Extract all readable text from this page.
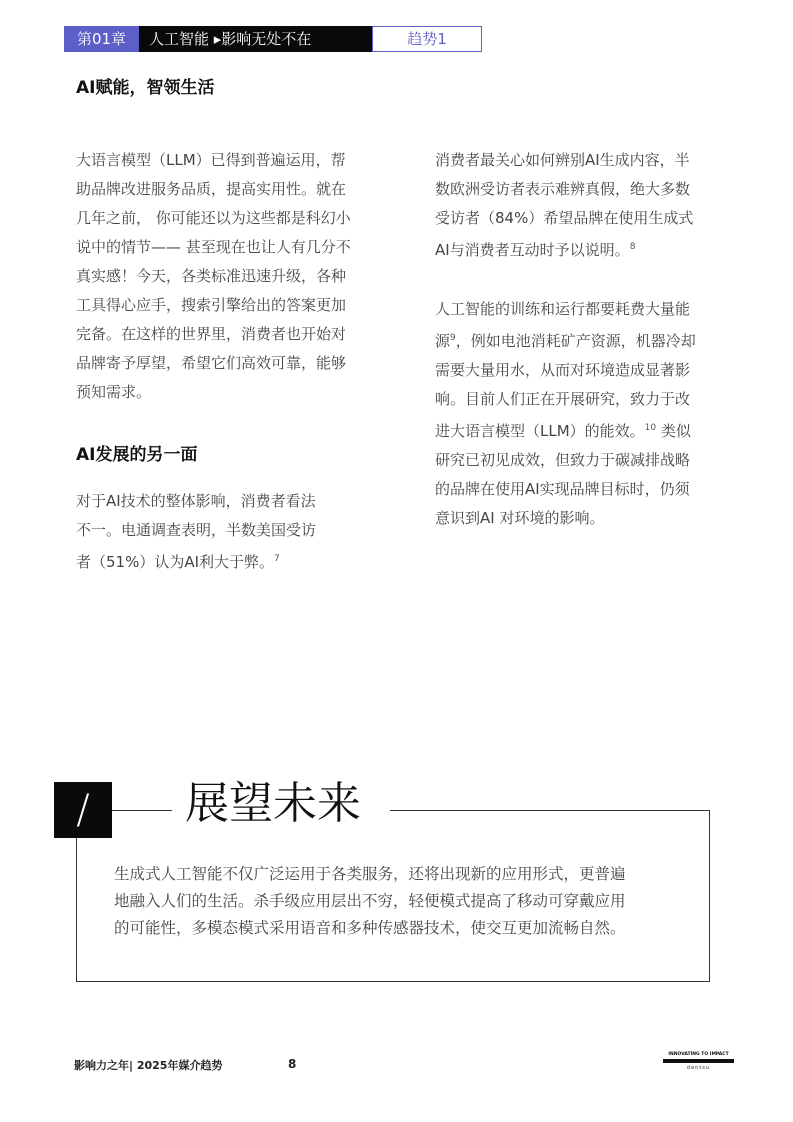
第01章	人工智能 ▸影响无处不在	趋势1
AI赋能，智领生活
大语言模型（LLM）已得到普遍运用，帮
助品牌改进服务品质，提高实用性。就在
几年之前， 你可能还以为这些都是科幻小
说中的情节—— 甚至现在也让人有几分不
真实感！今天，各类标准迅速升级，各种
工具得心应手，搜索引擎给出的答案更加
完备。在这样的世界里，消费者也开始对
品牌寄予厚望，希望它们高效可靠，能够
预知需求。
AI发展的另一面
对于AI技术的整体影响，消费者看法
不一。电通调查表明，半数美国受访
者（51%）认为AI利大于弊。$^7$
消费者最关心如何辨别AI生成内容，半
数欧洲受访者表示难辨真假，绝大多数
受访者（84%）希望品牌在使用生成式
AI与消费者互动时予以说明。$^8$
人工智能的训练和运行都要耗费大量能
源$^9$，例如电池消耗矿产资源，机器冷却
需要大量用水，从而对环境造成显著影
响。目前人们正在开展研究，致力于改
进大语言模型（LLM）的能效。$^{10}$ 类似
研究已初见成效，但致力于碳减排战略
的品牌在使用AI实现品牌目标时，仍须
意识到AI 对环境的影响。
/	展望未来
生成式人工智能不仅广泛运用于各类服务，还将出现新的应用形式，更普遍
地融入人们的生活。杀手级应用层出不穷，轻便模式提高了移动可穿戴应用
的可能性，多模态模式采用语音和多种传感器技术，使交互更加流畅自然。
影响力之年| 2025年媒介趋势	8
INNOVATING TO IMPACT
dentsu
